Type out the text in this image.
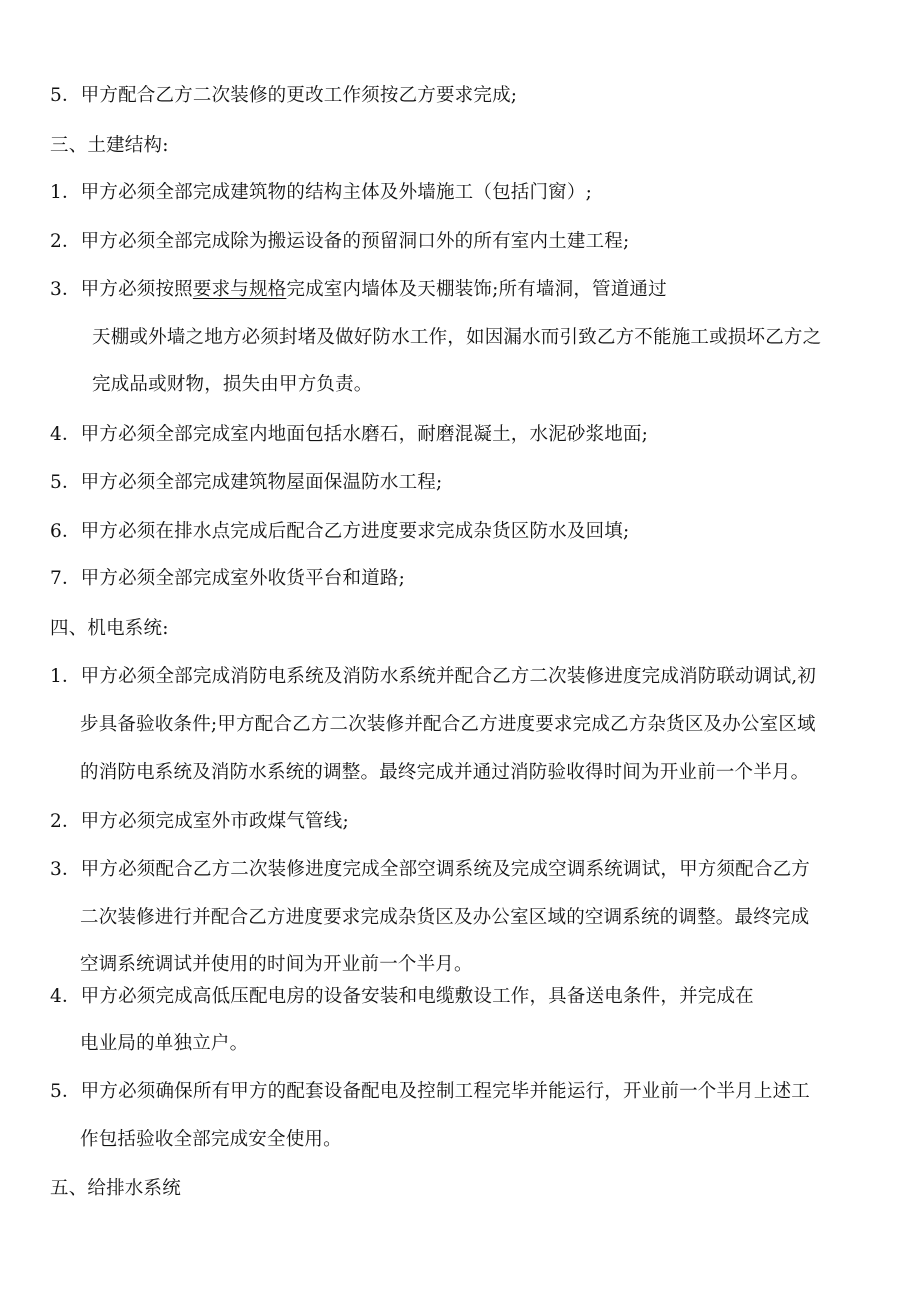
5．甲方配合乙方二次装修的更改工作须按乙方要求完成;
三、土建结构:
1．甲方必须全部完成建筑物的结构主体及外墙施工（包括门窗）;
2．甲方必须全部完成除为搬运设备的预留洞口外的所有室内土建工程;
3．甲方必须按照要求与规格完成室内墙体及天棚装饰;所有墙洞，管道通过
天棚或外墙之地方必须封堵及做好防水工作，如因漏水而引致乙方不能施工或损坏乙方之
完成品或财物，损失由甲方负责。
4．甲方必须全部完成室内地面包括水磨石，耐磨混凝土，水泥砂浆地面;
5．甲方必须全部完成建筑物屋面保温防水工程;
6．甲方必须在排水点完成后配合乙方进度要求完成杂货区防水及回填;
7．甲方必须全部完成室外收货平台和道路;
四、机电系统:
1．甲方必须全部完成消防电系统及消防水系统并配合乙方二次装修进度完成消防联动调试,初
步具备验收条件;甲方配合乙方二次装修并配合乙方进度要求完成乙方杂货区及办公室区域
的消防电系统及消防水系统的调整。最终完成并通过消防验收得时间为开业前一个半月。
2．甲方必须完成室外市政煤气管线;
3．甲方必须配合乙方二次装修进度完成全部空调系统及完成空调系统调试，甲方须配合乙方
二次装修进行并配合乙方进度要求完成杂货区及办公室区域的空调系统的调整。最终完成
空调系统调试并使用的时间为开业前一个半月。
4．甲方必须完成高低压配电房的设备安装和电缆敷设工作，具备送电条件，并完成在
电业局的单独立户。
5．甲方必须确保所有甲方的配套设备配电及控制工程完毕并能运行，开业前一个半月上述工
作包括验收全部完成安全使用。
五、给排水系统
